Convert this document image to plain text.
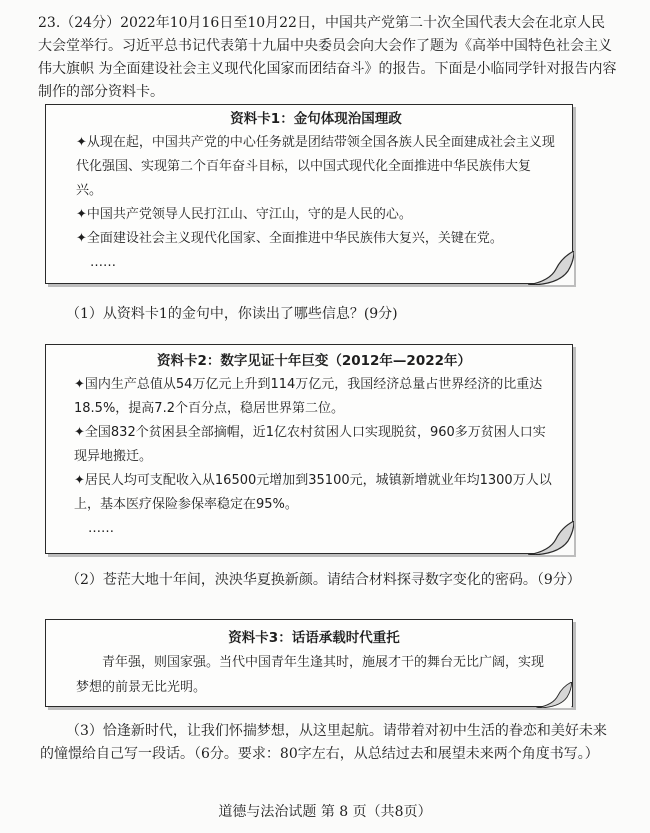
23.（24分）2022年10月16日至10月22日，中国共产党第二十次全国代表大会在北京人民大会堂举行。习近平总书记代表第十九届中央委员会向大会作了题为《高举中国特色社会主义伟大旗帜 为全面建设社会主义现代化国家而团结奋斗》的报告。下面是小临同学针对报告内容制作的部分资料卡。

资料卡1：金句体现治国理政

✦从现在起，中国共产党的中心任务就是团结带领全国各族人民全面建成社会主义现代化强国、实现第二个百年奋斗目标，以中国式现代化全面推进中华民族伟大复兴。

✦中国共产党领导人民打江山、守江山，守的是人民的心。

✦全面建设社会主义现代化国家、全面推进中华民族伟大复兴，关键在党。

……

（1）从资料卡1的金句中，你读出了哪些信息？(9分)

资料卡2：数字见证十年巨变（2012年—2022年）

✦国内生产总值从54万亿元上升到114万亿元，我国经济总量占世界经济的比重达18.5%，提高7.2个百分点，稳居世界第二位。

✦全国832个贫困县全部摘帽，近1亿农村贫困人口实现脱贫，960多万贫困人口实现异地搬迁。

✦居民人均可支配收入从16500元增加到35100元，城镇新增就业年均1300万人以上，基本医疗保险参保率稳定在95%。

……

（2）苍茫大地十年间，泱泱华夏换新颜。请结合材料探寻数字变化的密码。（9分）

资料卡3：话语承载时代重托

青年强，则国家强。当代中国青年生逢其时，施展才干的舞台无比广阔，实现梦想的前景无比光明。

（3）恰逢新时代，让我们怀揣梦想，从这里起航。请带着对初中生活的眷恋和美好未来的憧憬给自己写一段话。（6分。要求：80字左右，从总结过去和展望未来两个角度书写。）

道德与法治试题 第 8 页（共8页）
